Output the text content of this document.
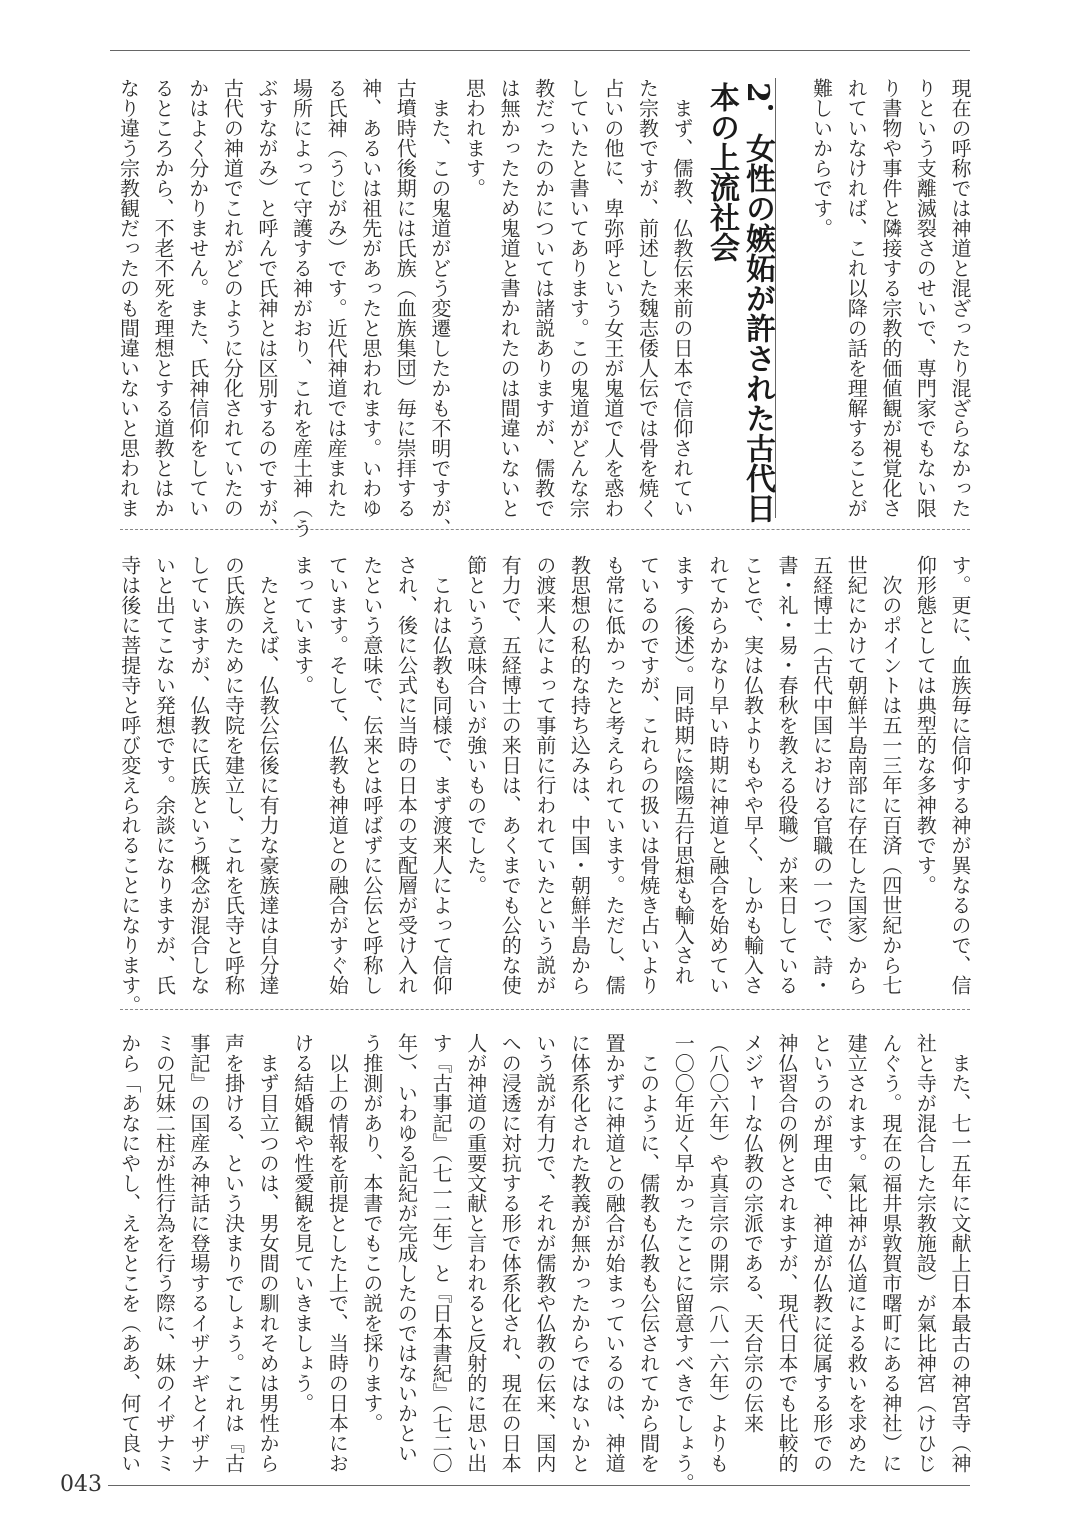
043
現在の呼称では神道と混ざったり混ざらなかった
りという支離滅裂さのせいで、専門家でもない限
り書物や事件と隣接する宗教的価値観が視覚化さ
れていなければ、これ以降の話を理解することが
難しいからです。
2．女性の嫉妬が許された古代日
本の上流社会
　まず、儒教、仏教伝来前の日本で信仰されてい
た宗教ですが、前述した魏志倭人伝では骨を焼く
占いの他に、卑弥呼という女王が鬼道で人を惑わ
していたと書いてあります。この鬼道がどんな宗
教だったのかについては諸説ありますが、儒教で
は無かったため鬼道と書かれたのは間違いないと
思われます。
　また、この鬼道がどう変遷したかも不明ですが、
古墳時代後期には氏族（血族集団）毎に崇拝する
神、あるいは祖先があったと思われます。いわゆ
る氏神（うじがみ）です。近代神道では産まれた
場所によって守護する神がおり、これを産土神（う
ぶすながみ）と呼んで氏神とは区別するのですが、
古代の神道でこれがどのように分化されていたの
かはよく分かりません。また、氏神信仰をしてい
るところから、不老不死を理想とする道教とはか
なり違う宗教観だったのも間違いないと思われま
す。更に、血族毎に信仰する神が異なるので、信
仰形態としては典型的な多神教です。
　次のポイントは五一三年に百済（四世紀から七
世紀にかけて朝鮮半島南部に存在した国家）から
五経博士（古代中国における官職の一つで、詩・
書・礼・易・春秋を教える役職）が来日している
ことで、実は仏教よりもやや早く、しかも輸入さ
れてからかなり早い時期に神道と融合を始めてい
ます（後述）。同時期に陰陽五行思想も輸入され
ているのですが、これらの扱いは骨焼き占いより
も常に低かったと考えられています。ただし、儒
教思想の私的な持ち込みは、中国・朝鮮半島から
の渡来人によって事前に行われていたという説が
有力で、五経博士の来日は、あくまでも公的な使
節という意味合いが強いものでした。
　これは仏教も同様で、まず渡来人によって信仰
され、後に公式に当時の日本の支配層が受け入れ
たという意味で、伝来とは呼ばずに公伝と呼称し
ています。そして、仏教も神道との融合がすぐ始
まっています。
　たとえば、仏教公伝後に有力な豪族達は自分達
の氏族のために寺院を建立し、これを氏寺と呼称
していますが、仏教に氏族という概念が混合しな
いと出てこない発想です。余談になりますが、氏
寺は後に菩提寺と呼び変えられることになります。
　また、七一五年に文献上日本最古の神宮寺（神
社と寺が混合した宗教施設）が氣比神宮（けひじ
んぐう。現在の福井県敦賀市曙町にある神社）に
建立されます。氣比神が仏道による救いを求めた
というのが理由で、神道が仏教に従属する形での
神仏習合の例とされますが、現代日本でも比較的
メジャーな仏教の宗派である、天台宗の伝来
（八〇六年）や真言宗の開宗（八一六年）よりも
一〇〇年近く早かったことに留意すべきでしょう。
　このように、儒教も仏教も公伝されてから間を
置かずに神道との融合が始まっているのは、神道
に体系化された教義が無かったからではないかと
いう説が有力で、それが儒教や仏教の伝来、国内
への浸透に対抗する形で体系化され、現在の日本
人が神道の重要文献と言われると反射的に思い出
す『古事記』（七一二年）と『日本書紀』（七二〇
年）、いわゆる記紀が完成したのではないかとい
う推測があり、本書でもこの説を採ります。
　以上の情報を前提とした上で、当時の日本にお
ける結婚観や性愛観を見ていきましょう。
　まず目立つのは、男女間の馴れそめは男性から
声を掛ける、という決まりでしょう。これは『古
事記』の国産み神話に登場するイザナギとイザナ
ミの兄妹二柱が性行為を行う際に、妹のイザナミ
から「あなにやし、えをとこを（ああ、何て良い
